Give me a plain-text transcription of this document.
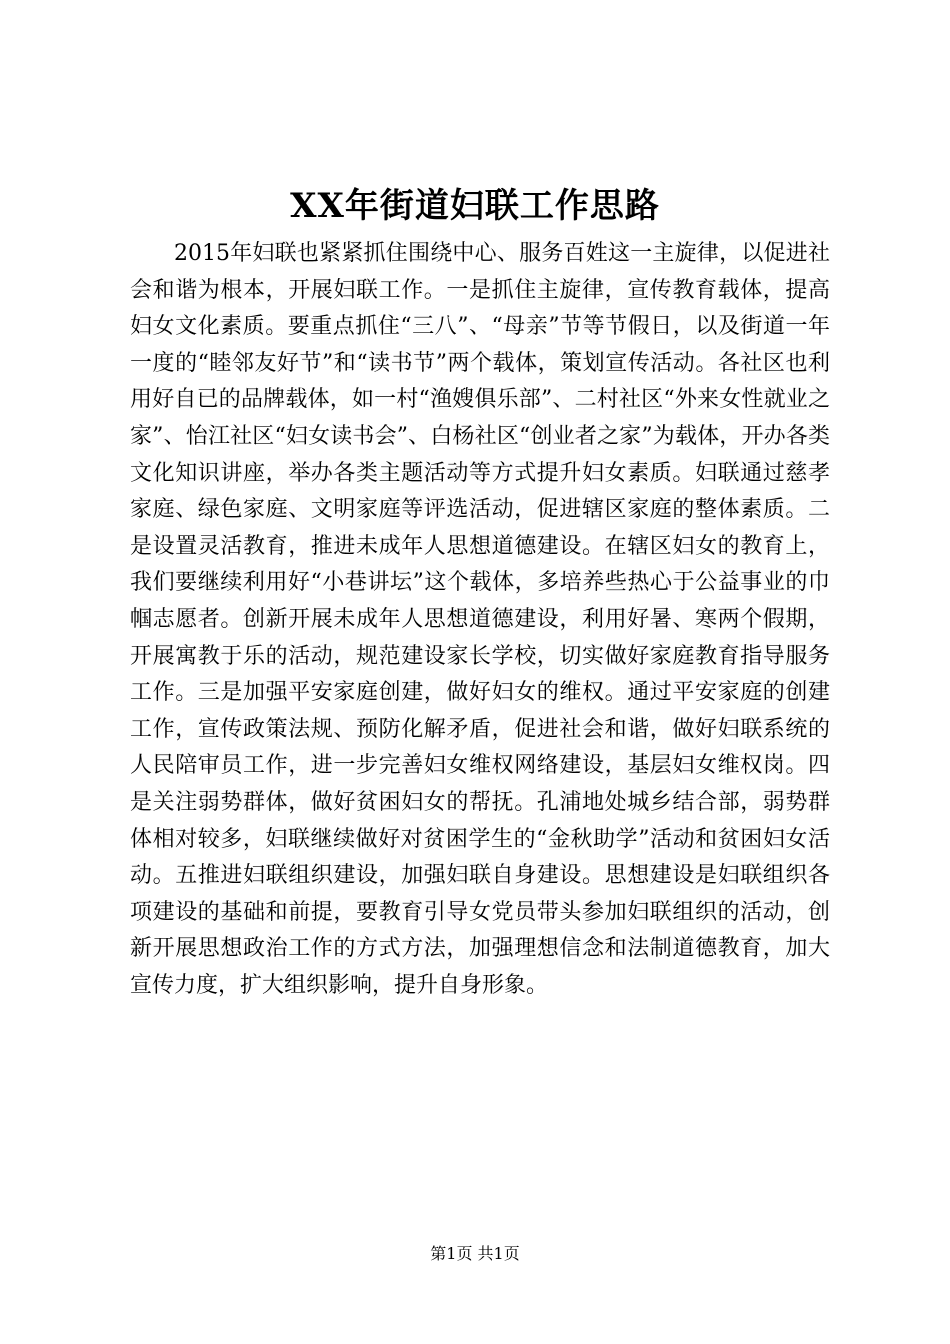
XX年街道妇联工作思路

2015年妇联也紧紧抓住围绕中心、服务百姓这一主旋律，以促进社会和谐为根本，开展妇联工作。一是抓住主旋律，宣传教育载体，提高妇女文化素质。要重点抓住“三八”、“母亲”节等节假日，以及街道一年一度的“睦邻友好节”和“读书节”两个载体，策划宣传活动。各社区也利用好自已的品牌载体，如一村“渔嫂俱乐部”、二村社区“外来女性就业之家”、怡江社区“妇女读书会”、白杨社区“创业者之家”为载体，开办各类文化知识讲座，举办各类主题活动等方式提升妇女素质。妇联通过慈孝家庭、绿色家庭、文明家庭等评选活动，促进辖区家庭的整体素质。二是设置灵活教育，推进未成年人思想道德建设。在辖区妇女的教育上，我们要继续利用好“小巷讲坛”这个载体，多培养些热心于公益事业的巾帼志愿者。创新开展未成年人思想道德建设，利用好暑、寒两个假期，开展寓教于乐的活动，规范建设家长学校，切实做好家庭教育指导服务工作。三是加强平安家庭创建，做好妇女的维权。通过平安家庭的创建工作，宣传政策法规、预防化解矛盾，促进社会和谐，做好妇联系统的人民陪审员工作，进一步完善妇女维权网络建设，基层妇女维权岗。四是关注弱势群体，做好贫困妇女的帮抚。孔浦地处城乡结合部，弱势群体相对较多，妇联继续做好对贫困学生的“金秋助学”活动和贫困妇女活动。五推进妇联组织建设，加强妇联自身建设。思想建设是妇联组织各项建设的基础和前提，要教育引导女党员带头参加妇联组织的活动，创新开展思想政治工作的方式方法，加强理想信念和法制道德教育，加大宣传力度，扩大组织影响，提升自身形象。

第1页 共1页
